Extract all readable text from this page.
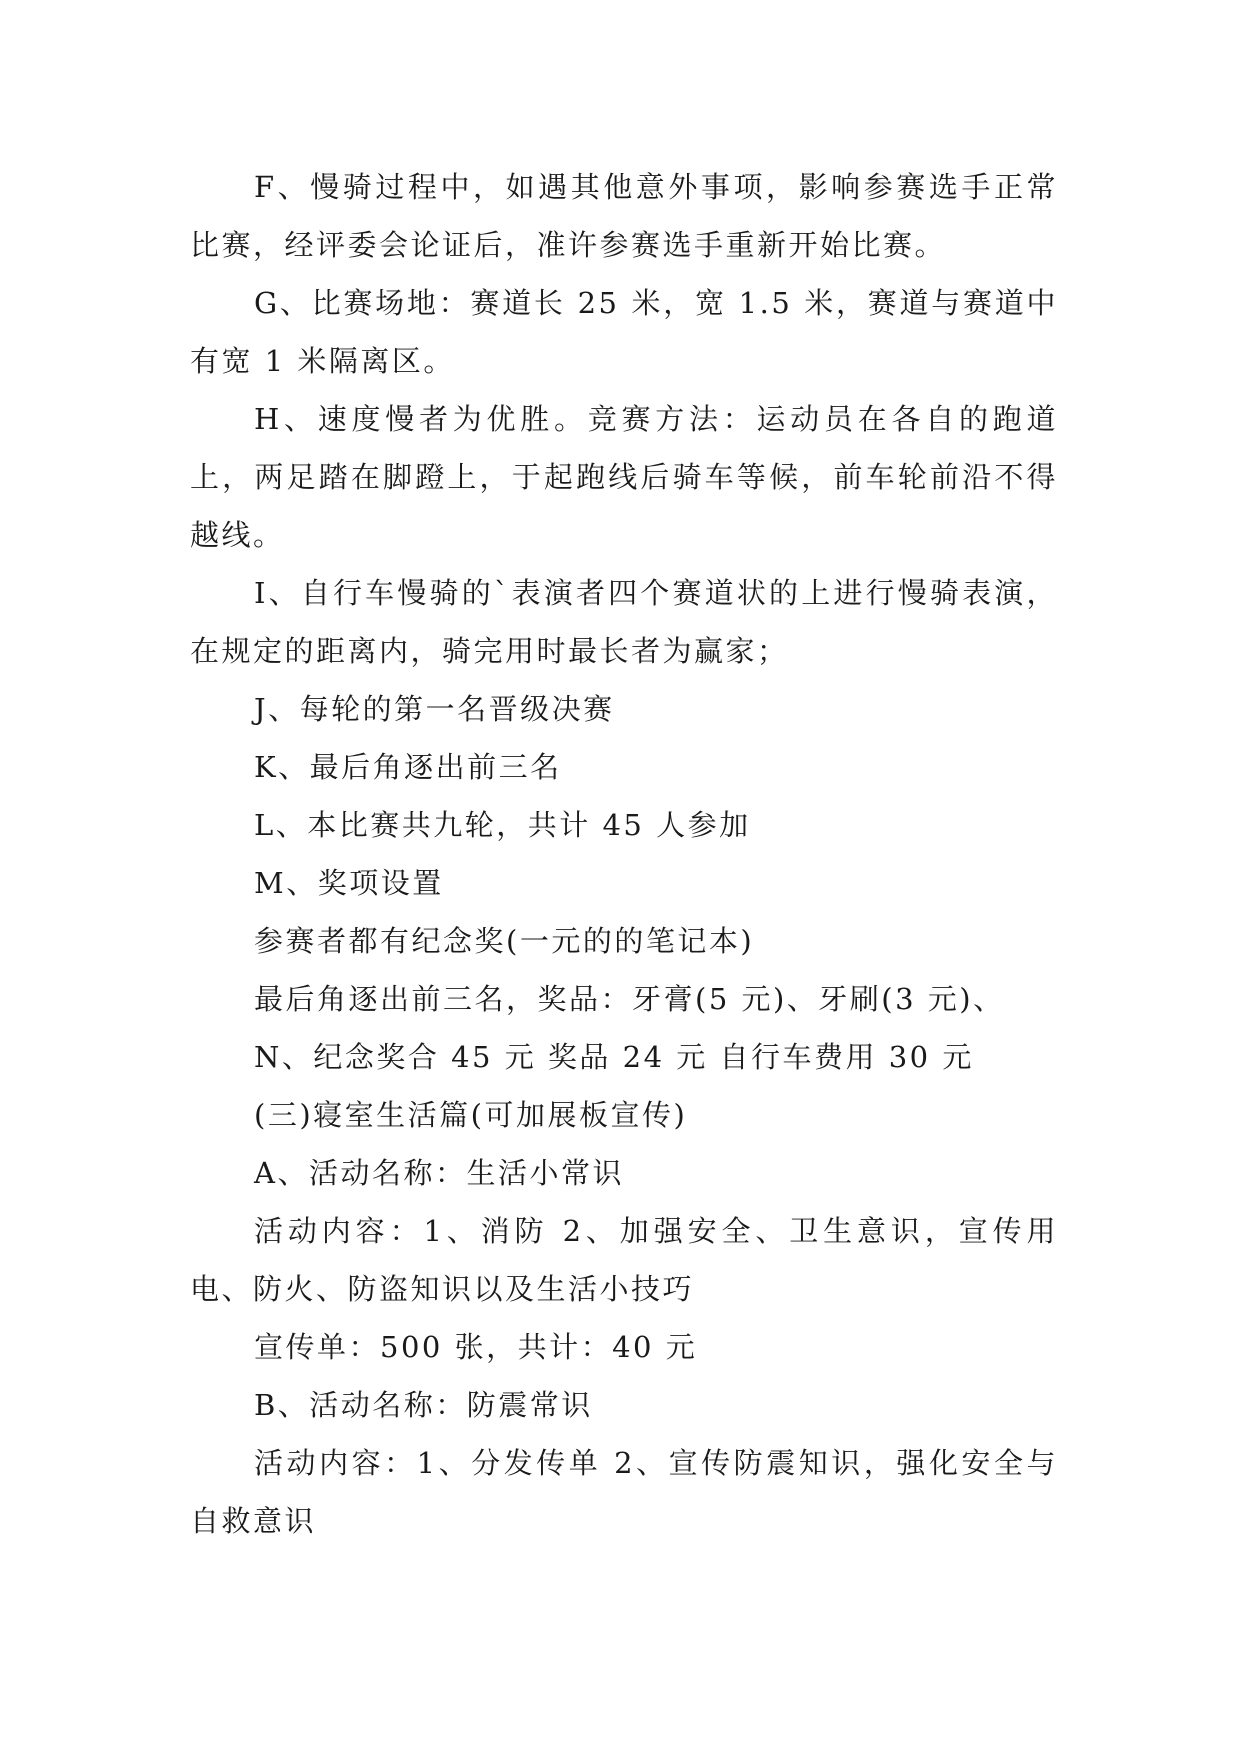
F、慢骑过程中，如遇其他意外事项，影响参赛选手正常比赛，经评委会论证后，准许参赛选手重新开始比赛。

G、比赛场地：赛道长 25 米，宽 1.5 米，赛道与赛道中有宽 1 米隔离区。

H、速度慢者为优胜。竞赛方法：运动员在各自的跑道上，两足踏在脚蹬上，于起跑线后骑车等候，前车轮前沿不得越线。

I、自行车慢骑的`表演者四个赛道状的上进行慢骑表演，在规定的距离内，骑完用时最长者为赢家；

J、每轮的第一名晋级决赛

K、最后角逐出前三名

L、本比赛共九轮，共计 45 人参加

M、奖项设置

参赛者都有纪念奖(一元的的笔记本)

最后角逐出前三名，奖品：牙膏(5 元)、牙刷(3 元)、

N、纪念奖合 45 元 奖品 24 元 自行车费用 30 元

(三)寝室生活篇(可加展板宣传)

A、活动名称：生活小常识

活动内容：1、消防 2、加强安全、卫生意识，宣传用电、防火、防盗知识以及生活小技巧

宣传单：500 张，共计：40 元

B、活动名称：防震常识

活动内容：1、分发传单 2、宣传防震知识，强化安全与自救意识
